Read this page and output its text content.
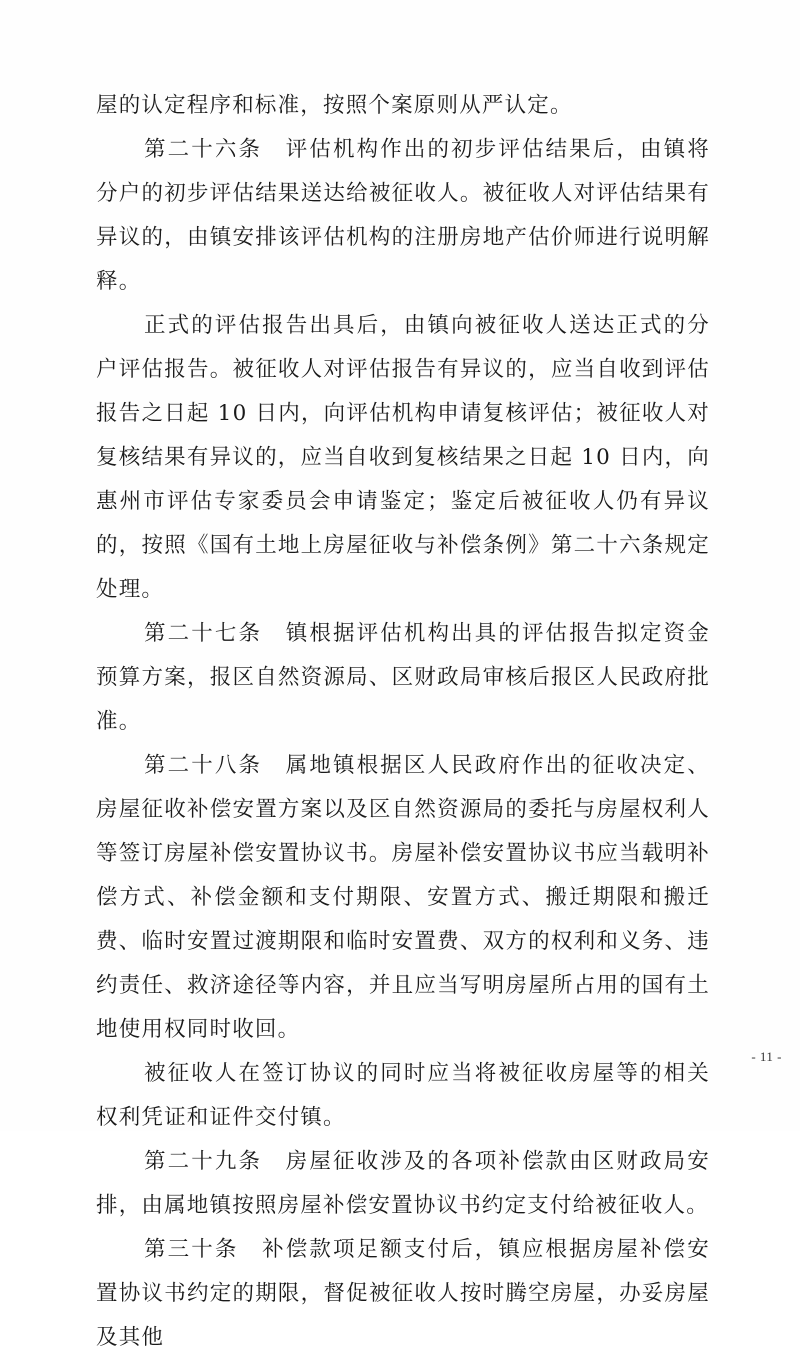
屋的认定程序和标准，按照个案原则从严认定。

第二十六条　评估机构作出的初步评估结果后，由镇将分户的初步评估结果送达给被征收人。被征收人对评估结果有异议的，由镇安排该评估机构的注册房地产估价师进行说明解释。

正式的评估报告出具后，由镇向被征收人送达正式的分户评估报告。被征收人对评估报告有异议的，应当自收到评估报告之日起 10 日内，向评估机构申请复核评估；被征收人对复核结果有异议的，应当自收到复核结果之日起 10 日内，向惠州市评估专家委员会申请鉴定；鉴定后被征收人仍有异议的，按照《国有土地上房屋征收与补偿条例》第二十六条规定处理。

第二十七条　镇根据评估机构出具的评估报告拟定资金预算方案，报区自然资源局、区财政局审核后报区人民政府批准。

第二十八条　属地镇根据区人民政府作出的征收决定、房屋征收补偿安置方案以及区自然资源局的委托与房屋权利人等签订房屋补偿安置协议书。房屋补偿安置协议书应当载明补偿方式、补偿金额和支付期限、安置方式、搬迁期限和搬迁费、临时安置过渡期限和临时安置费、双方的权利和义务、违约责任、救济途径等内容，并且应当写明房屋所占用的国有土地使用权同时收回。

被征收人在签订协议的同时应当将被征收房屋等的相关权利凭证和证件交付镇。

第二十九条　房屋征收涉及的各项补偿款由区财政局安排，由属地镇按照房屋补偿安置协议书约定支付给被征收人。

第三十条　补偿款项足额支付后，镇应根据房屋补偿安置协议书约定的期限，督促被征收人按时腾空房屋，办妥房屋及其他

- 11 -
